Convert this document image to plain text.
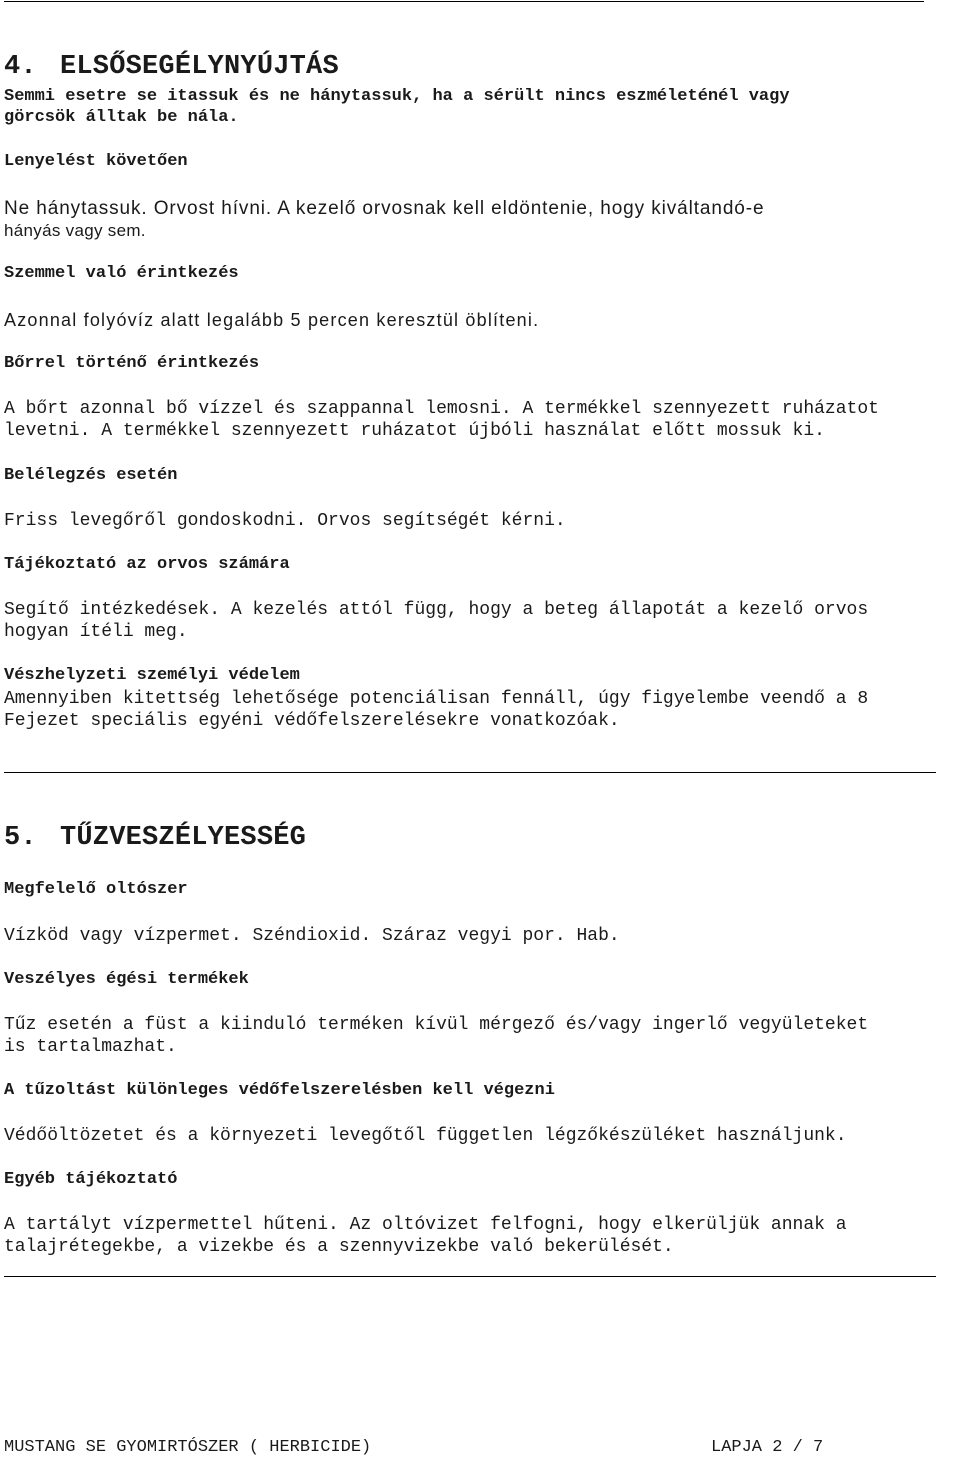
4. ELSŐSEGÉLYNYÚJTÁS
Semmi esetre se itassuk és ne hánytassuk, ha a sérült nincs eszméleténél vagy
görcsök álltak be nála.
Lenyelést követően
Ne hánytassuk. Orvost hívni. A kezelő orvosnak kell eldöntenie, hogy kiváltandó-e
hányás vagy sem.
Szemmel való érintkezés
Azonnal folyóvíz alatt legalább 5 percen keresztül öblíteni.
Bőrrel történő érintkezés
A bőrt azonnal bő vízzel és szappannal lemosni. A termékkel szennyezett ruházatot
levetni. A termékkel szennyezett ruházatot újbóli használat előtt mossuk ki.
Belélegzés esetén
Friss levegőről gondoskodni. Orvos segítségét kérni.
Tájékoztató az orvos számára
Segítő intézkedések. A kezelés attól függ, hogy a beteg állapotát a kezelő orvos
hogyan ítéli meg.
Vészhelyzeti személyi védelem
Amennyiben kitettség lehetősége potenciálisan fennáll, úgy figyelembe veendő a 8
Fejezet speciális egyéni védőfelszerelésekre vonatkozóak.
5. TŰZVESZÉLYESSÉG
Megfelelő oltószer
Vízköd vagy vízpermet. Széndioxid. Száraz vegyi por. Hab.
Veszélyes égési termékek
Tűz esetén a füst a kiinduló terméken kívül mérgező és/vagy ingerlő vegyületeket
is tartalmazhat.
A tűzoltást különleges védőfelszerelésben kell végezni
Védőöltözetet és a környezeti levegőtől független légzőkészüléket használjunk.
Egyéb tájékoztató
A tartályt vízpermettel hűteni. Az oltóvizet felfogni, hogy elkerüljük annak a
talajrétegekbe, a vizekbe és a szennyvizekbe való bekerülését.
MUSTANG SE GYOMIRTÓSZER ( HERBICIDE)	LAPJA 2 / 7
